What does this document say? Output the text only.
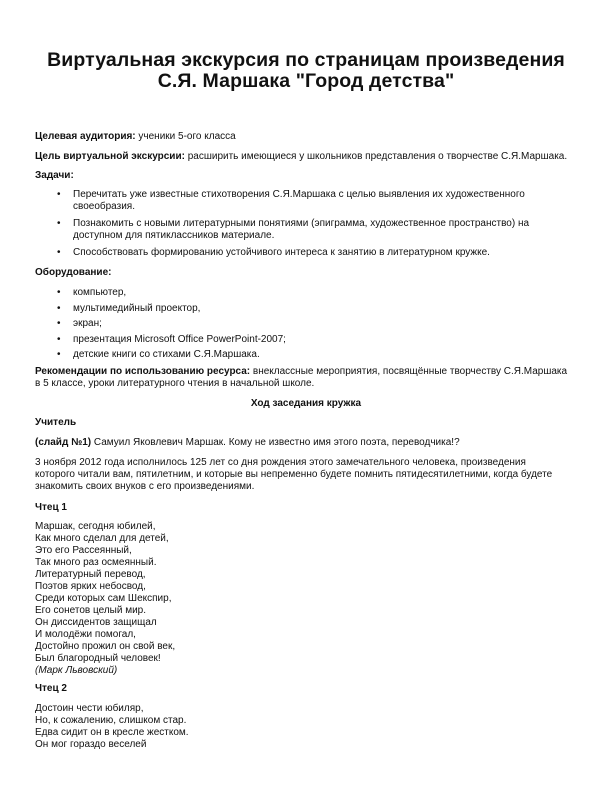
Виртуальная экскурсия по страницам произведения
С.Я. Маршака "Город детства"
Целевая аудитория: ученики 5-ого класса
Цель виртуальной экскурсии: расширить имеющиеся у школьников представления о творчестве С.Я.Маршака.
Задачи:
• Перечитать уже известные стихотворения С.Я.Маршака с целью выявления их художественного своеобразия.
• Познакомить с новыми литературными понятиями (эпиграмма, художественное пространство) на доступном для пятиклассников материале.
• Способствовать формированию устойчивого интереса к занятию в литературном кружке.
Оборудование:
• компьютер,
• мультимедийный проектор,
• экран;
• презентация Microsoft Office PowerPoint-2007;
• детские книги со стихами С.Я.Маршака.
Рекомендации по использованию ресурса: внеклассные мероприятия, посвящённые творчеству С.Я.Маршака в 5 классе, уроки литературного чтения в начальной школе.
Ход заседания кружка
Учитель
(слайд №1) Самуил Яковлевич Маршак. Кому не известно имя этого поэта, переводчика!?
3 ноября 2012 года исполнилось 125 лет со дня рождения этого замечательного человека, произведения которого читали вам, пятилетним, и которые вы непременно будете помнить пятидесятилетними, когда будете знакомить своих внуков с его произведениями.
Чтец 1
Маршак, сегодня юбилей,
Как много сделал для детей,
Это его Рассеянный,
Так много раз осмеянный.
Литературный перевод,
Поэтов ярких небосвод,
Среди которых сам Шекспир,
Его сонетов целый мир.
Он диссидентов защищал
И молодёжи помогал,
Достойно прожил он свой век,
Был благородный человек!
(Марк Львовский)
Чтец 2
Достоин чести юбиляр,
Но, к сожалению, слишком стар.
Едва сидит он в кресле жестком.
Он мог гораздо веселей
